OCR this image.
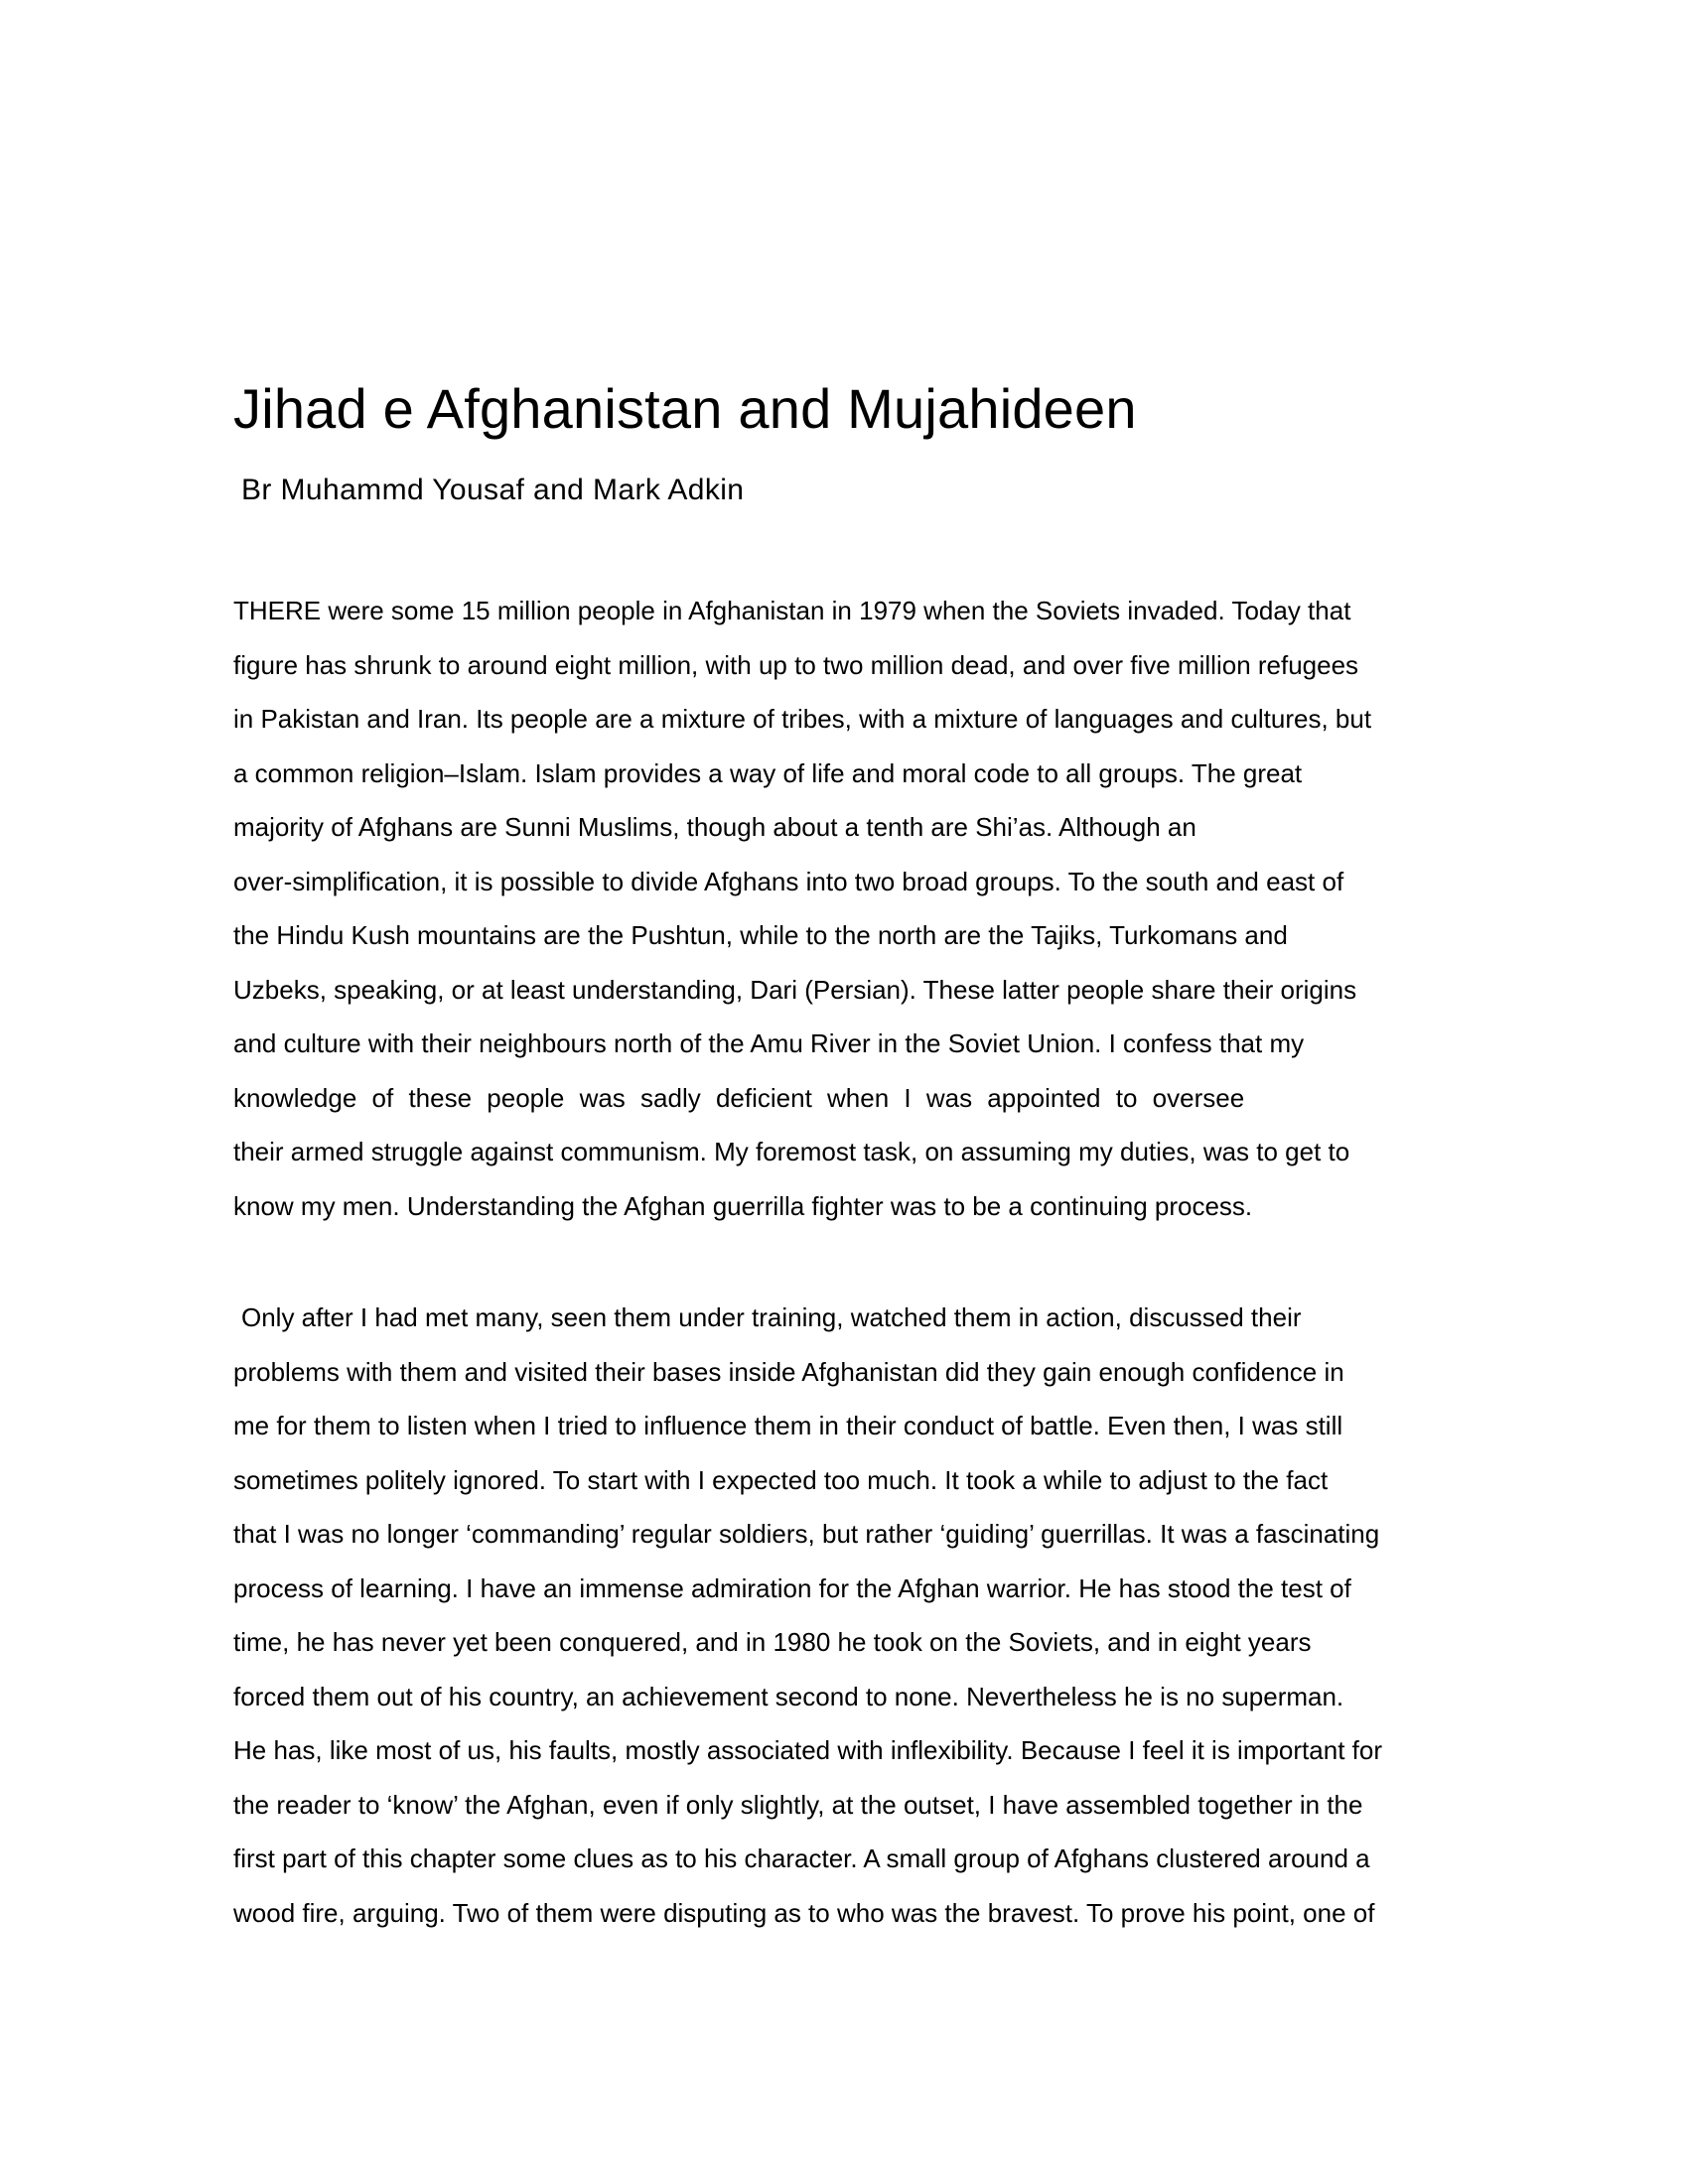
Jihad e Afghanistan and Mujahideen
Br Muhammd Yousaf and Mark Adkin
THERE were some 15 million people in Afghanistan in 1979 when the Soviets invaded. Today that
figure has shrunk to around eight million, with up to two million dead, and over five million refugees
in Pakistan and Iran. Its people are a mixture of tribes, with a mixture of languages and cultures, but
a common religion–Islam. Islam provides a way of life and moral code to all groups. The great
majority of Afghans are Sunni Muslims, though about a tenth are Shi’as. Although an
over-simplification, it is possible to divide Afghans into two broad groups. To the south and east of
the Hindu Kush mountains are the Pushtun, while to the north are the Tajiks, Turkomans and
Uzbeks, speaking, or at least understanding, Dari (Persian). These latter people share their origins
and culture with their neighbours north of the Amu River in the Soviet Union. I confess that my
knowledge of these people was sadly deficient when I was appointed to oversee
their armed struggle against communism. My foremost task, on assuming my duties, was to get to
know my men. Understanding the Afghan guerrilla fighter was to be a continuing process.
Only after I had met many, seen them under training, watched them in action, discussed their
problems with them and visited their bases inside Afghanistan did they gain enough confidence in
me for them to listen when I tried to influence them in their conduct of battle. Even then, I was still
sometimes politely ignored. To start with I expected too much. It took a while to adjust to the fact
that I was no longer ‘commanding’ regular soldiers, but rather ‘guiding’ guerrillas. It was a fascinating
process of learning. I have an immense admiration for the Afghan warrior. He has stood the test of
time, he has never yet been conquered, and in 1980 he took on the Soviets, and in eight years
forced them out of his country, an achievement second to none. Nevertheless he is no superman.
He has, like most of us, his faults, mostly associated with inflexibility. Because I feel it is important for
the reader to ‘know’ the Afghan, even if only slightly, at the outset, I have assembled together in the
first part of this chapter some clues as to his character. A small group of Afghans clustered around a
wood fire, arguing. Two of them were disputing as to who was the bravest. To prove his point, one of
